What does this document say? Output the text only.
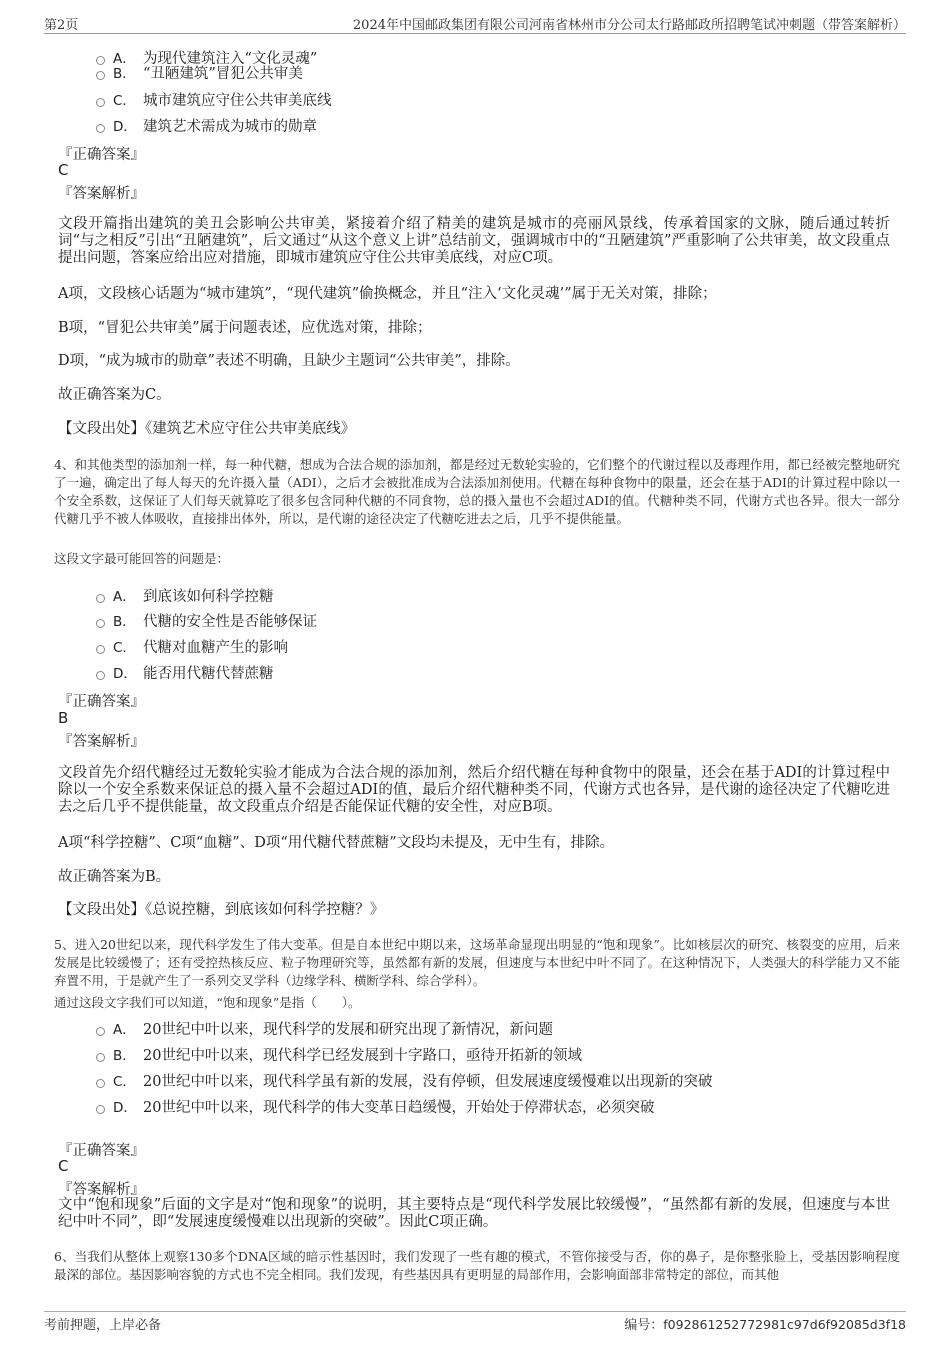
第2页	2024年中国邮政集团有限公司河南省林州市分公司太行路邮政所招聘笔试冲刺题（带答案解析）
A． 为现代建筑注入“文化灵魂”
B． “丑陋建筑”冒犯公共审美
C． 城市建筑应守住公共审美底线
D． 建筑艺术需成为城市的勋章
『正确答案』
C
『答案解析』
文段开篇指出建筑的美丑会影响公共审美，紧接着介绍了精美的建筑是城市的亮丽风景线，传承着国家的文脉，随后通过转折词“与之相反”引出“丑陋建筑”，后文通过“从这个意义上讲”总结前文，强调城市中的“丑陋建筑”严重影响了公共审美，故文段重点提出问题，答案应给出应对措施，即城市建筑应守住公共审美底线，对应C项。
A项，文段核心话题为“城市建筑”，“现代建筑”偷换概念，并且“注入‘文化灵魂’”属于无关对策，排除；
B项，“冒犯公共审美”属于问题表述，应优选对策，排除；
D项，“成为城市的勋章”表述不明确，且缺少主题词“公共审美”，排除。
故正确答案为C。
【文段出处】《建筑艺术应守住公共审美底线》
4、和其他类型的添加剂一样，每一种代糖，想成为合法合规的添加剂，都是经过无数轮实验的，它们整个的代谢过程以及毒理作用，都已经被完整地研究了一遍，确定出了每人每天的允许摄入量（ADI），之后才会被批准成为合法添加剂使用。代糖在每种食物中的限量，还会在基于ADI的计算过程中除以一个安全系数，这保证了人们每天就算吃了很多包含同种代糖的不同食物，总的摄入量也不会超过ADI的值。代糖种类不同，代谢方式也各异。很大一部分代糖几乎不被人体吸收，直接排出体外，所以，是代谢的途径决定了代糖吃进去之后，几乎不提供能量。
这段文字最可能回答的问题是：
A． 到底该如何科学控糖
B． 代糖的安全性是否能够保证
C． 代糖对血糖产生的影响
D． 能否用代糖代替蔗糖
『正确答案』
B
『答案解析』
文段首先介绍代糖经过无数轮实验才能成为合法合规的添加剂，然后介绍代糖在每种食物中的限量，还会在基于ADI的计算过程中除以一个安全系数来保证总的摄入量不会超过ADI的值，最后介绍代糖种类不同，代谢方式也各异，是代谢的途径决定了代糖吃进去之后几乎不提供能量，故文段重点介绍是否能保证代糖的安全性，对应B项。
A项“科学控糖”、C项“血糖”、D项“用代糖代替蔗糖”文段均未提及，无中生有，排除。
故正确答案为B。
【文段出处】《总说控糖，到底该如何科学控糖？》
5、进入20世纪以来，现代科学发生了伟大变革。但是自本世纪中期以来，这场革命显现出明显的“饱和现象”。比如核层次的研究、核裂变的应用，后来发展是比较缓慢了；还有受控热核反应、粒子物理研究等，虽然都有新的发展，但速度与本世纪中叶不同了。在这种情况下，人类强大的科学能力又不能弃置不用，于是就产生了一系列交叉学科（边缘学科、横断学科、综合学科）。
通过这段文字我们可以知道，“饱和现象”是指（　　）。
A． 20世纪中叶以来，现代科学的发展和研究出现了新情况，新问题
B． 20世纪中叶以来，现代科学已经发展到十字路口，亟待开拓新的领域
C． 20世纪中叶以来，现代科学虽有新的发展，没有停顿，但发展速度缓慢难以出现新的突破
D． 20世纪中叶以来，现代科学的伟大变革日趋缓慢，开始处于停滞状态，必须突破
『正确答案』
C
『答案解析』
文中“饱和现象”后面的文字是对“饱和现象”的说明，其主要特点是“现代科学发展比较缓慢”，“虽然都有新的发展，但速度与本世纪中叶不同”，即“发展速度缓慢难以出现新的突破”。因此C项正确。
6、当我们从整体上观察130多个DNA区域的暗示性基因时，我们发现了一些有趣的模式，不管你接受与否，你的鼻子，是你整张脸上，受基因影响程度最深的部位。基因影响容貌的方式也不完全相同。我们发现，有些基因具有更明显的局部作用，会影响面部非常特定的部位，而其他
考前押题，上岸必备	编号：f092861252772981c97d6f92085d3f18
